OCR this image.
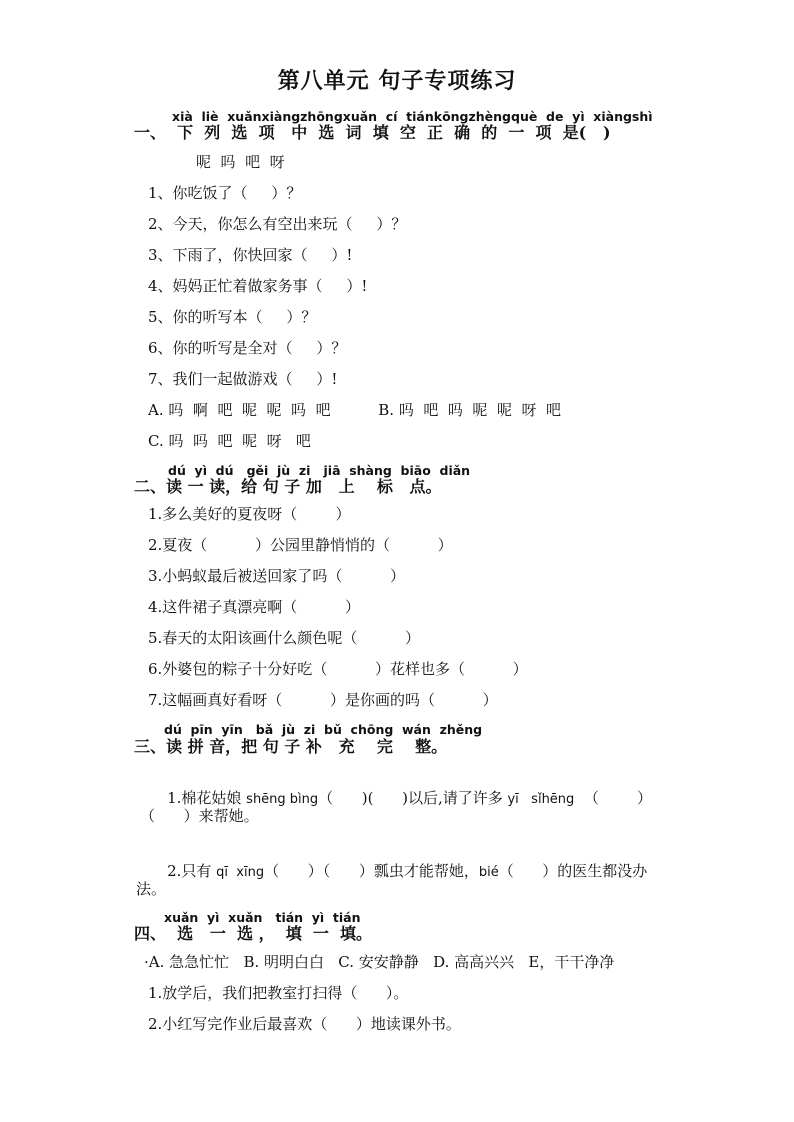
第八单元 句子专项练习
xià  liè  xuǎnxiàngzhōngxuǎn  cí  tiánkōngzhèngquè  de  yì  xiàngshì
一、  下  列  选  项   中  选  词  填  空  正  确  的  一  项  是(   )
呢  吗  吧  呀
1、你吃饭了（     ）？
2、今天，你怎么有空出来玩（     ）？
3、下雨了，你快回家（     ）!
4、妈妈正忙着做家务事（     ）!
5、你的听写本（     ）？
6、你的听写是全对（     ）？
7、我们一起做游戏（     ）!
A. 吗  啊  吧  呢  呢  吗  吧          B. 吗  吧  吗  呢  呢  呀  吧
C. 吗  吗  吧  呢  呀   吧
dú  yì  dú   gěi  jù  zi   jiā  shàng  biāo  diǎn
二、读 一 读，给 句 子 加   上    标   点。
1.多么美好的夏夜呀（        ）
2.夏夜（          ）公园里静悄悄的（          ）
3.小蚂蚁最后被送回家了吗（          ）
4.这件裙子真漂亮啊（          ）
5.春天的太阳该画什么颜色呢（          ）
6.外婆包的粽子十分好吃（          ）花样也多（          ）
7.这幅画真好看呀（          ）是你画的吗（          ）
dú  pīn  yīn   bǎ  jù  zi  bǔ  chōng  wán  zhěng
三、读 拼 音，把 句 子 补   充    完    整。

1.棉花姑娘 shēng bìng（      )(      )以后,请了许多 yī   sǐhēng  （        ）

（      ）来帮她。

2.只有 qī  xīng（      ）（      ）瓢虫才能帮她，bié（      ）的医生都没办

法。
xuǎn  yì  xuǎn   tián  yì  tián
四、  选   一  选 ，  填  一  填。
·A. 急急忙忙   B. 明明白白   C. 安安静静   D. 高高兴兴   E，干干净净
1.放学后，我们把教室打扫得（      ）。
2.小红写完作业后最喜欢（      ）地读课外书。
